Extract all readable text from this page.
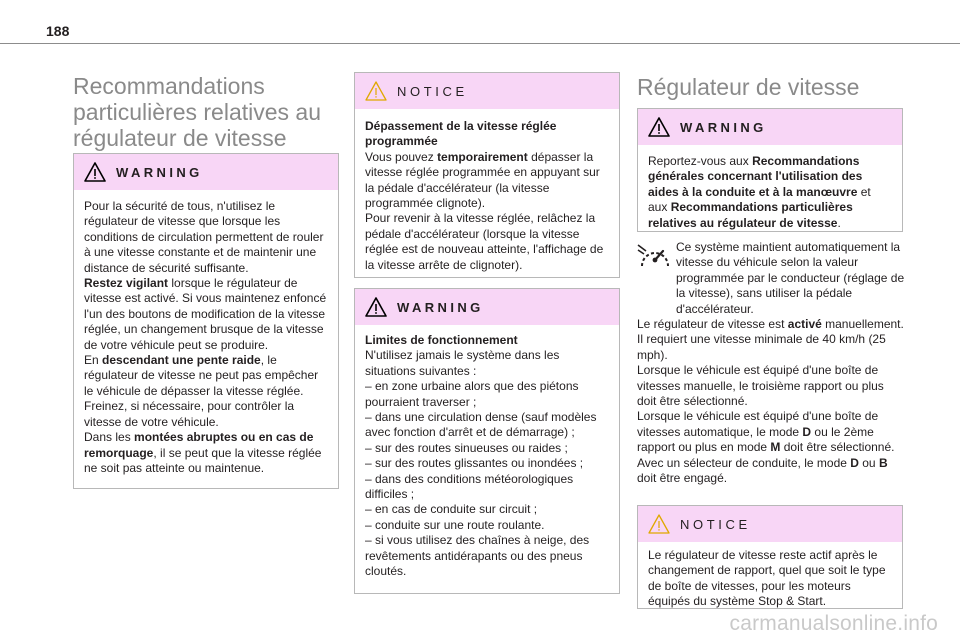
188
Recommandations
particulières relatives au
régulateur de vitesse
WARNING

Pour la sécurité de tous, n'utilisez le régulateur de vitesse que lorsque les conditions de circulation permettent de rouler à une vitesse constante et de maintenir une distance de sécurité suffisante.

Restez vigilant lorsque le régulateur de vitesse est activé. Si vous maintenez enfoncé l'un des boutons de modification de la vitesse réglée, un changement brusque de la vitesse de votre véhicule peut se produire.

En descendant une pente raide, le régulateur de vitesse ne peut pas empêcher le véhicule de dépasser la vitesse réglée. Freinez, si nécessaire, pour contrôler la vitesse de votre véhicule.

Dans les montées abruptes ou en cas de remorquage, il se peut que la vitesse réglée ne soit pas atteinte ou maintenue.

NOTICE

Dépassement de la vitesse réglée programmée

Vous pouvez temporairement dépasser la vitesse réglée programmée en appuyant sur la pédale d'accélérateur (la vitesse programmée clignote).

Pour revenir à la vitesse réglée, relâchez la pédale d'accélérateur (lorsque la vitesse réglée est de nouveau atteinte, l'affichage de la vitesse arrête de clignoter).

WARNING

Limites de fonctionnement

N'utilisez jamais le système dans les situations suivantes :

– en zone urbaine alors que des piétons pourraient traverser ;

– dans une circulation dense (sauf modèles avec fonction d'arrêt et de démarrage) ;

– sur des routes sinueuses ou raides ;

– sur des routes glissantes ou inondées ;

– dans des conditions météorologiques difficiles ;

– en cas de conduite sur circuit ;

– conduite sur une route roulante.

– si vous utilisez des chaînes à neige, des revêtements antidérapants ou des pneus cloutés.

Régulateur de vitesse
WARNING

Reportez-vous aux Recommandations générales concernant l'utilisation des aides à la conduite et à la manœuvre et aux Recommandations particulières relatives au régulateur de vitesse.

Ce système maintient automatiquement la vitesse du véhicule selon la valeur programmée par le conducteur (réglage de la vitesse), sans utiliser la pédale d'accélérateur.

Le régulateur de vitesse est activé manuellement.

Il requiert une vitesse minimale de 40 km/h (25 mph).

Lorsque le véhicule est équipé d'une boîte de vitesses manuelle, le troisième rapport ou plus doit être sélectionné.

Lorsque le véhicule est équipé d'une boîte de vitesses automatique, le mode D ou le 2ème rapport ou plus en mode M doit être sélectionné.

Avec un sélecteur de conduite, le mode D ou B doit être engagé.

NOTICE

Le régulateur de vitesse reste actif après le changement de rapport, quel que soit le type de boîte de vitesses, pour les moteurs équipés du système Stop & Start.

carmanualsonline.info
